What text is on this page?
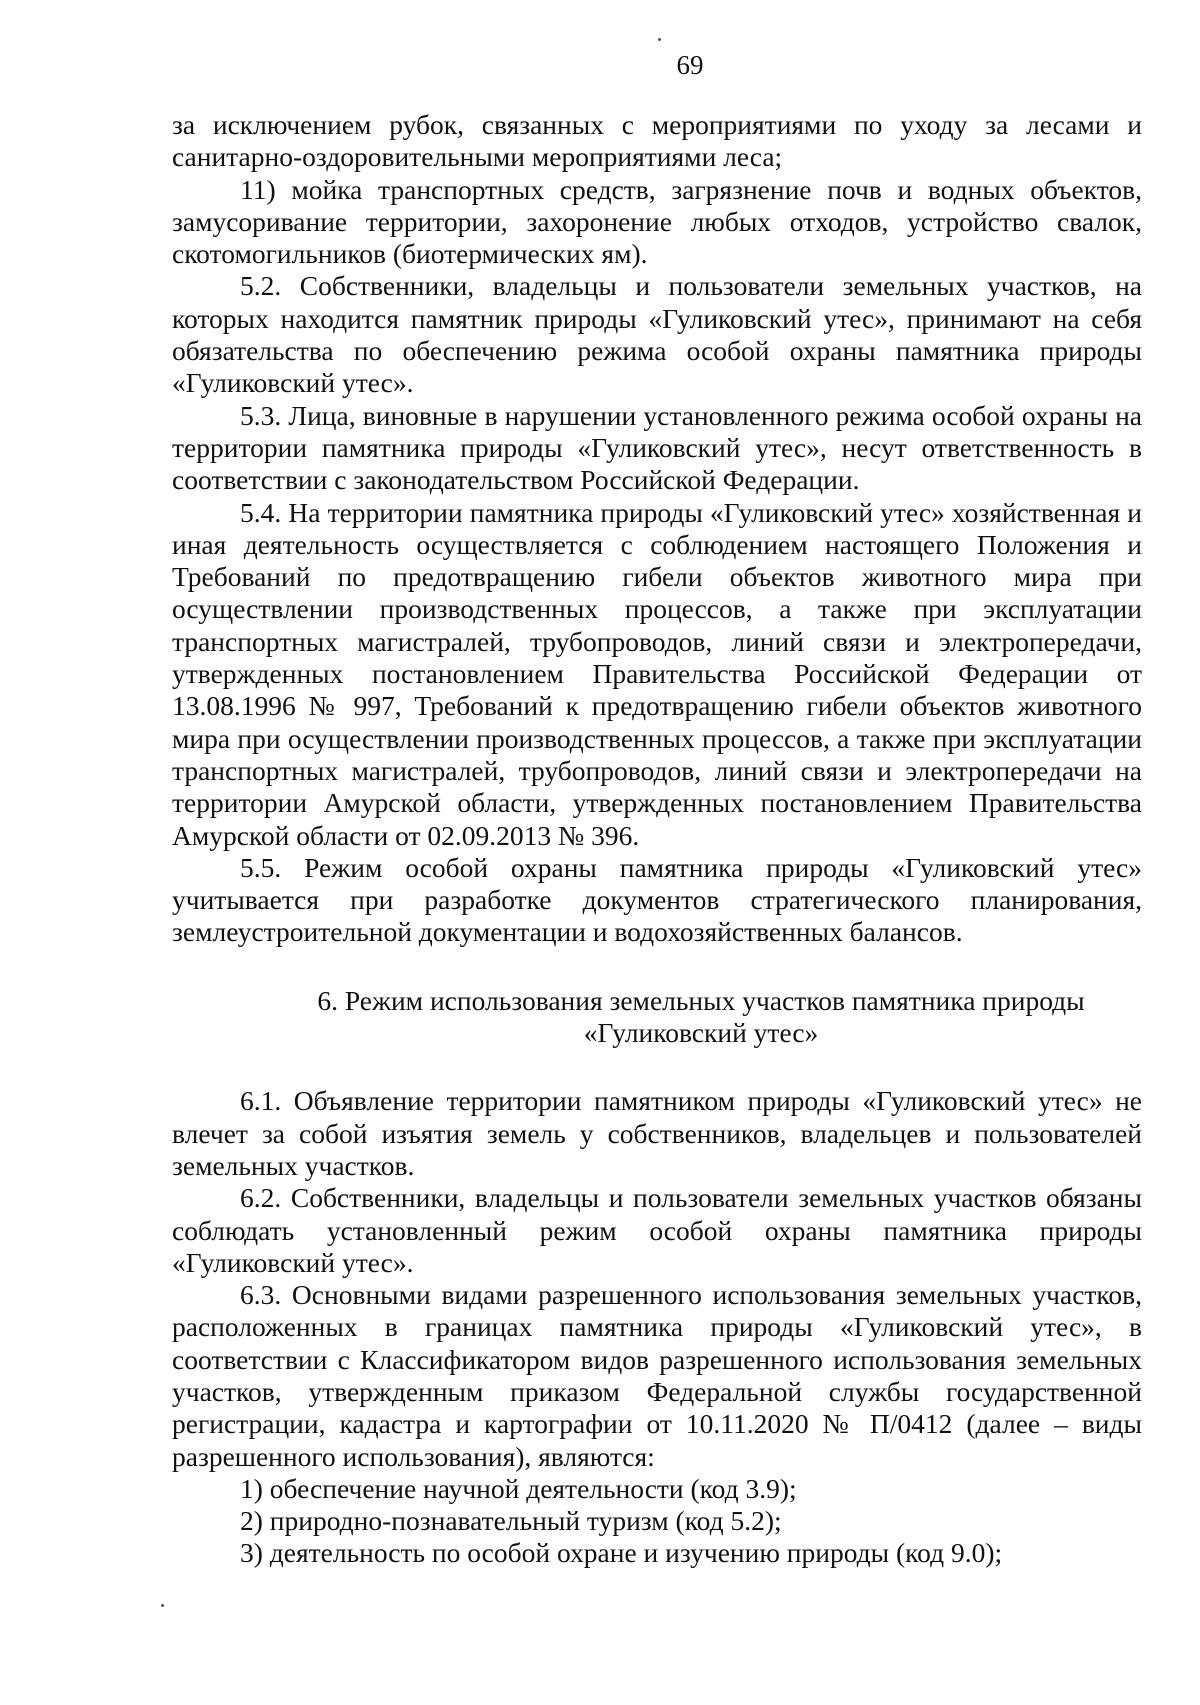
69

за исключением рубок, связанных с мероприятиями по уходу за лесами и санитарно-оздоровительными мероприятиями леса;

11) мойка транспортных средств, загрязнение почв и водных объектов, замусоривание территории, захоронение любых отходов, устройство свалок, скотомогильников (биотермических ям).

5.2. Собственники, владельцы и пользователи земельных участков, на которых находится памятник природы «Гуликовский утес», принимают на себя обязательства по обеспечению режима особой охраны памятника природы «Гуликовский утес».

5.3. Лица, виновные в нарушении установленного режима особой охраны на территории памятника природы «Гуликовский утес», несут ответственность в соответствии с законодательством Российской Федерации.

5.4. На территории памятника природы «Гуликовский утес» хозяйственная и иная деятельность осуществляется с соблюдением настоящего Положения и Требований по предотвращению гибели объектов животного мира при осуществлении производственных процессов, а также при эксплуатации транспортных магистралей, трубопроводов, линий связи и электропередачи, утвержденных постановлением Правительства Российской Федерации от 13.08.1996 № 997, Требований к предотвращению гибели объектов животного мира при осуществлении производственных процессов, а также при эксплуатации транспортных магистралей, трубопроводов, линий связи и электропередачи на территории Амурской области, утвержденных постановлением Правительства Амурской области от 02.09.2013 № 396.

5.5. Режим особой охраны памятника природы «Гуликовский утес» учитывается при разработке документов стратегического планирования, землеустроительной документации и водохозяйственных балансов.

6. Режим использования земельных участков памятника природы
«Гуликовский утес»

6.1. Объявление территории памятником природы «Гуликовский утес» не влечет за собой изъятия земель у собственников, владельцев и пользователей земельных участков.

6.2. Собственники, владельцы и пользователи земельных участков обязаны соблюдать установленный режим особой охраны памятника природы «Гуликовский утес».

6.3. Основными видами разрешенного использования земельных участков, расположенных в границах памятника природы «Гуликовский утес», в соответствии с Классификатором видов разрешенного использования земельных участков, утвержденным приказом Федеральной службы государственной регистрации, кадастра и картографии от 10.11.2020 № П/0412 (далее – виды разрешенного использования), являются:

1) обеспечение научной деятельности (код 3.9);

2) природно-познавательный туризм (код 5.2);

3) деятельность по особой охране и изучению природы (код 9.0);
